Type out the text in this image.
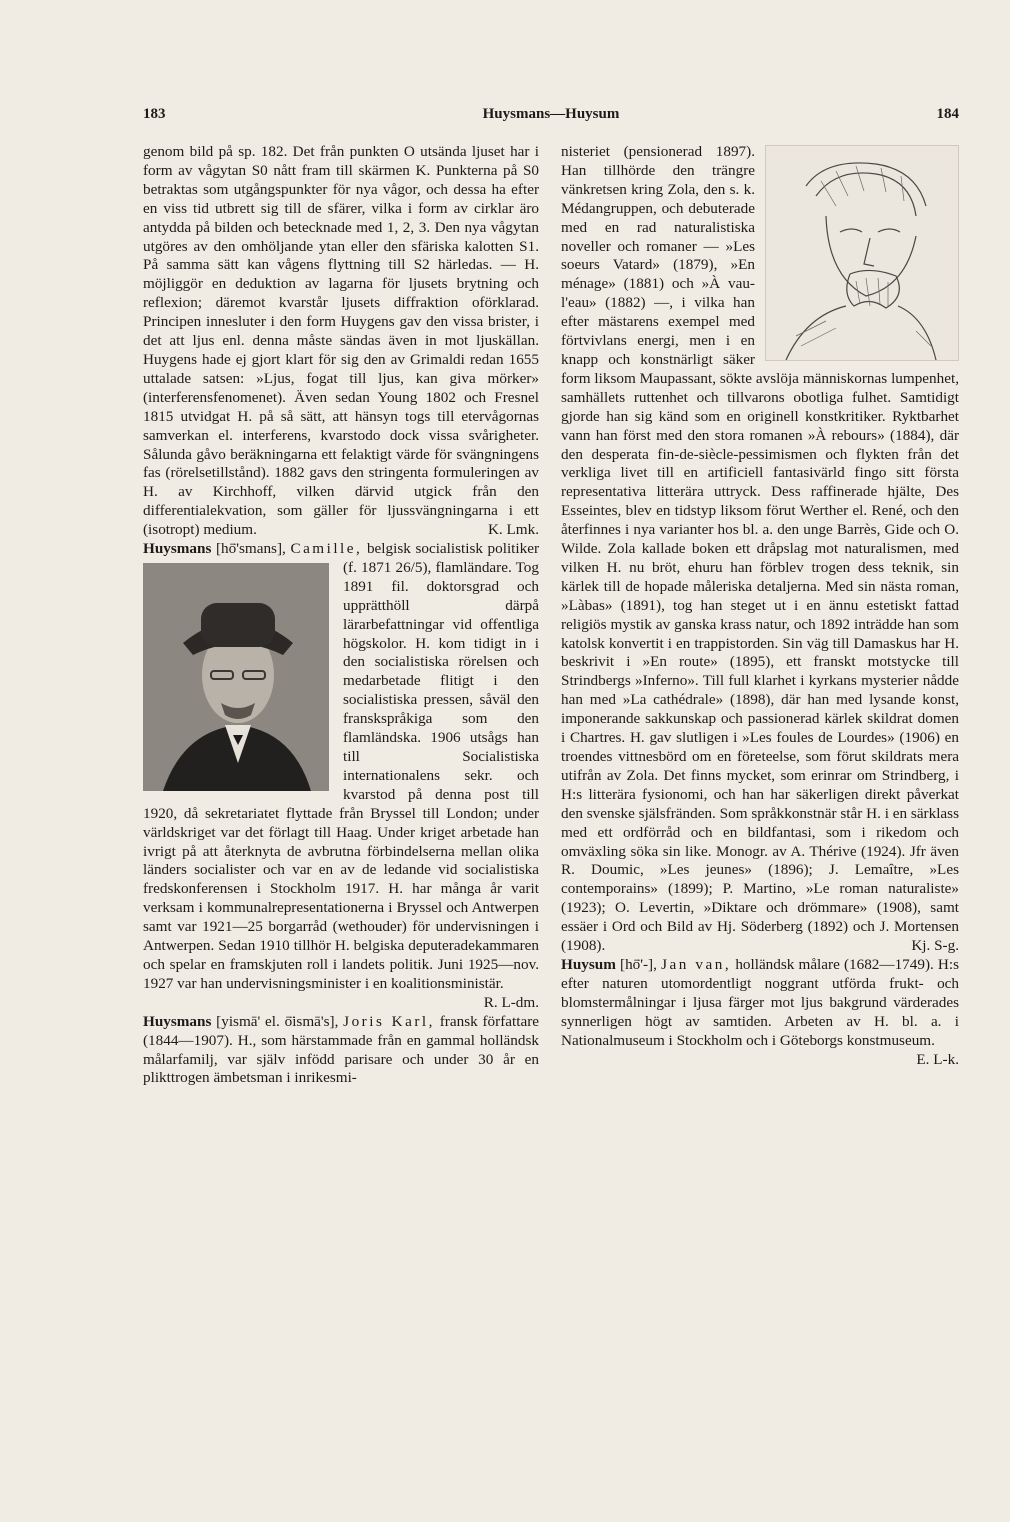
183	Huysmans—Huysum	184

genom bild på sp. 182. Det från punkten O utsända ljuset har i form av vågytan S0 nått fram till skärmen K. Punkterna på S0 betraktas som utgångspunkter för nya vågor, och dessa ha efter en viss tid utbrett sig till de sfärer, vilka i form av cirklar äro antydda på bilden och betecknade med 1, 2, 3. Den nya vågytan utgöres av den omhöljande ytan eller den sfäriska kalotten S1. På samma sätt kan vågens flyttning till S2 härledas. — H. möjliggör en deduktion av lagarna för ljusets brytning och reflexion; däremot kvarstår ljusets diffraktion oförklarad. Principen innesluter i den form Huygens gav den vissa brister, i det att ljus enl. denna måste sändas även in mot ljuskällan. Huygens hade ej gjort klart för sig den av Grimaldi redan 1655 uttalade satsen: »Ljus, fogat till ljus, kan giva mörker» (interferensfenomenet). Även sedan Young 1802 och Fresnel 1815 utvidgat H. på så sätt, att hänsyn togs till etervågornas samverkan el. interferens, kvarstodo dock vissa svårigheter. Sålunda gåvo beräkningarna ett felaktigt värde för svängningens fas (rörelsetillstånd). 1882 gavs den stringenta formuleringen av H. av Kirchhoff, vilken därvid utgick från den differentialekvation, som gäller för ljussvängningarna i ett (isotropt) medium.	K. Lmk.

Huysmans [hō̈'smans], Camille, belgisk socialistisk politiker (f. 1871 26/5), flamländare. Tog 1891 fil. doktorsgrad och upprätthöll därpå lärarbefattningar vid offentliga högskolor. H. kom tidigt in i den socialistiska rörelsen och medarbetade flitigt i den socialistiska pressen, såväl den franskspråkiga som den flamländska. 1906 utsågs han till Socialistiska internationalens sekr. och kvarstod på denna post till 1920, då sekretariatet flyttade från Bryssel till London; under världskriget var det förlagt till Haag. Under kriget arbetade han ivrigt på att återknyta de avbrutna förbindelserna mellan olika länders socialister och var en av de ledande vid socialistiska fredskonferensen i Stockholm 1917. H. har många år varit verksam i kommunalrepresentationerna i Bryssel och Antwerpen samt var 1921—25 borgarråd (wethouder) för undervisningen i Antwerpen. Sedan 1910 tillhör H. belgiska deputeradekammaren och spelar en framskjuten roll i landets politik. Juni 1925—nov. 1927 var han undervisningsminister i en koalitionsministär.
R. L-dm.

Huysmans [yismā' el. ō̈ismā's], Joris Karl, fransk författare (1844—1907). H., som härstammade från en gammal holländsk målarfamilj, var själv infödd parisare och under 30 år en plikttrogen ämbetsman i inrikesmi-

nisteriet (pensionerad 1897). Han tillhörde den trängre vänkretsen kring Zola, den s. k. Médangruppen, och debuterade med en rad naturalistiska noveller och romaner — »Les soeurs Vatard» (1879), »En ménage» (1881) och »À vau-l'eau» (1882) —, i vilka han efter mästarens exempel med förtvivlans energi, men i en knapp och konstnärligt säker form liksom Maupassant, sökte avslöja människornas lumpenhet, samhällets ruttenhet och tillvarons obotliga fulhet. Samtidigt gjorde han sig känd som en originell konstkritiker. Ryktbarhet vann han först med den stora romanen »À rebours» (1884), där den desperata fin-de-siècle-pessimismen och flykten från det verkliga livet till en artificiell fantasivärld fingo sitt första representativa litterära uttryck. Dess raffinerade hjälte, Des Esseintes, blev en tidstyp liksom förut Werther el. René, och den återfinnes i nya varianter hos bl. a. den unge Barrès, Gide och O. Wilde. Zola kallade boken ett dråpslag mot naturalismen, med vilken H. nu bröt, ehuru han förblev trogen dess teknik, sin kärlek till de hopade måleriska detaljerna. Med sin nästa roman, »Làbas» (1891), tog han steget ut i en ännu estetiskt fattad religiös mystik av ganska krass natur, och 1892 inträdde han som katolsk konvertit i en trappistorden. Sin väg till Damaskus har H. beskrivit i »En route» (1895), ett franskt motstycke till Strindbergs »Inferno». Till full klarhet i kyrkans mysterier nådde han med »La cathédrale» (1898), där han med lysande konst, imponerande sakkunskap och passionerad kärlek skildrat domen i Chartres. H. gav slutligen i »Les foules de Lourdes» (1906) en troendes vittnesbörd om en företeelse, som förut skildrats mera utifrån av Zola. Det finns mycket, som erinrar om Strindberg, i H:s litterära fysionomi, och han har säkerligen direkt påverkat den svenske själsfränden. Som språkkonstnär står H. i en särklass med ett ordförråd och en bildfantasi, som i rikedom och omväxling söka sin like. Monogr. av A. Thérive (1924). Jfr även R. Doumic, »Les jeunes» (1896); J. Lemaître, »Les contemporains» (1899); P. Martino, »Le roman naturaliste» (1923); O. Levertin, »Diktare och drömmare» (1908), samt essäer i Ord och Bild av Hj. Söderberg (1892) och J. Mortensen (1908).	Kj. S-g.

Huysum [hō̈'-], Jan van, holländsk målare (1682—1749). H:s efter naturen utomordentligt noggrant utförda frukt- och blomstermålningar i ljusa färger mot ljus bakgrund värderades synnerligen högt av samtiden. Arbeten av H. bl. a. i Nationalmuseum i Stockholm och i Göteborgs konstmuseum.
E. L-k.
